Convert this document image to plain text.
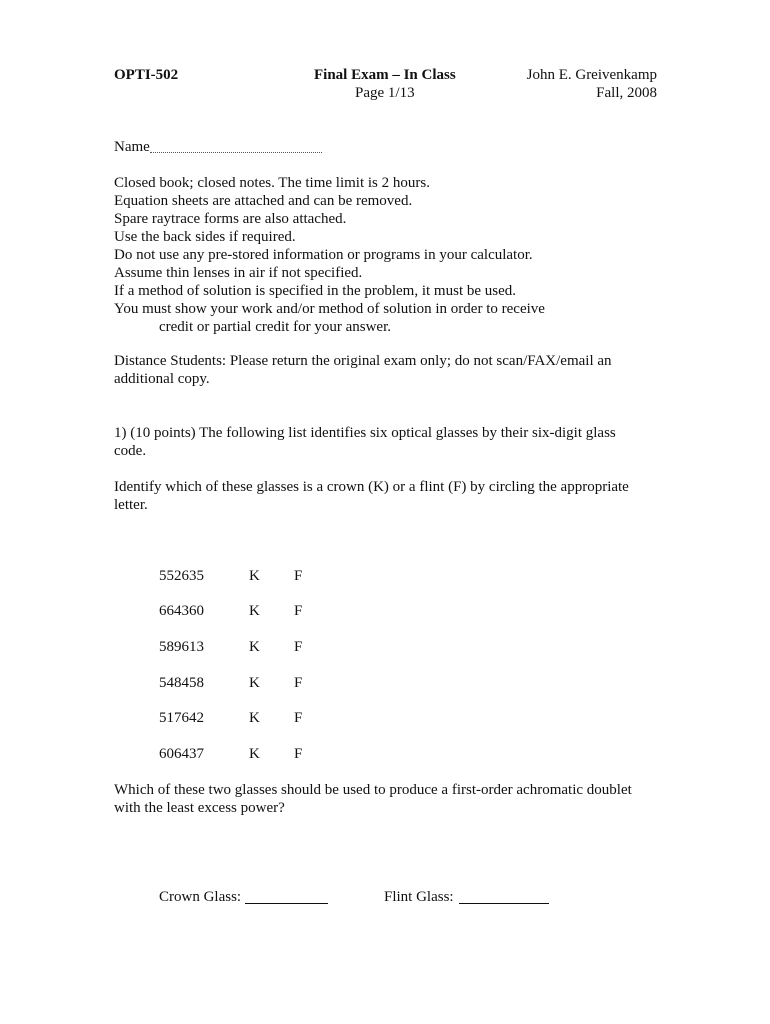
OPTI-502	Final Exam – In Class
Page 1/13
John E. Greivenkamp
Fall, 2008
Name
Closed book; closed notes. The time limit is 2 hours.
Equation sheets are attached and can be removed.
Spare raytrace forms are also attached.
Use the back sides if required.
Do not use any pre-stored information or programs in your calculator.
Assume thin lenses in air if not specified.
If a method of solution is specified in the problem, it must be used.
You must show your work and/or method of solution in order to receive
credit or partial credit for your answer.
Distance Students: Please return the original exam only; do not scan/FAX/email an
additional copy.
1) (10 points) The following list identifies six optical glasses by their six-digit glass
code.
Identify which of these glasses is a crown (K) or a flint (F) by circling the appropriate
letter.
552635	K F
664360	K F
589613	K F
548458	K F
517642	K F
606437	K F
Which of these two glasses should be used to produce a first-order achromatic doublet
with the least excess power?
Crown Glass:	Flint Glass:
